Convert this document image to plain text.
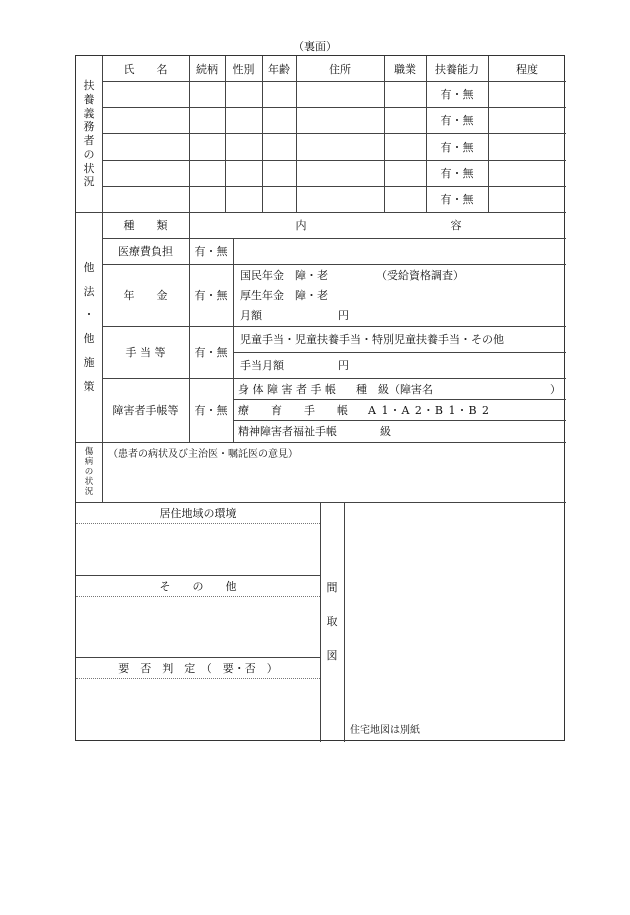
（裏面）
扶
養
義
務
者
の
状
況
氏　　名	続柄	性別	年齢	住所	職業	扶養能力	程度
有・無
有・無
有・無
有・無
有・無
他
法
・
他
施
策
種　　類	内	容
医療費負担	有・無
年　　金	有・無
国民年金　障・老	（受給資格調査）
厚生年金　障・老
月額	円
手 当 等	有・無
児童手当・児童扶養手当・特別児童扶養手当・その他
手当月額	円
障害者手帳等	有・無
身 体 障 害 者 手 帳 種　級（障害名	）
療　　育　　手　　帳 A 1・A 2・B 1・B 2
精神障害者福祉手帳	級
傷
病
の
状
況
（患者の病状及び主治医・嘱託医の意見）
居住地域の環境
そ　　の　　他
要　否　判　定　（　要・否　）
間
取
図
住宅地図は別紙
